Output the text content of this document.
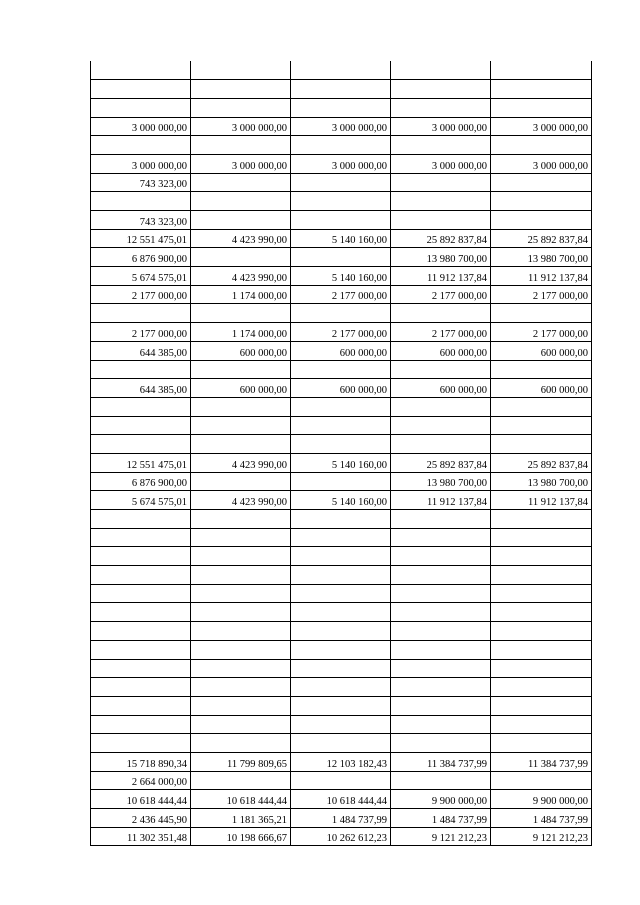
3 000 000,00	3 000 000,00	3 000 000,00	3 000 000,00	3 000 000,00

3 000 000,00	3 000 000,00	3 000 000,00	3 000 000,00	3 000 000,00
743 323,00				

743 323,00				
12 551 475,01	4 423 990,00	5 140 160,00	25 892 837,84	25 892 837,84
6 876 900,00			13 980 700,00	13 980 700,00
5 674 575,01	4 423 990,00	5 140 160,00	11 912 137,84	11 912 137,84
2 177 000,00	1 174 000,00	2 177 000,00	2 177 000,00	2 177 000,00

2 177 000,00	1 174 000,00	2 177 000,00	2 177 000,00	2 177 000,00
644 385,00	600 000,00	600 000,00	600 000,00	600 000,00

644 385,00	600 000,00	600 000,00	600 000,00	600 000,00

12 551 475,01	4 423 990,00	5 140 160,00	25 892 837,84	25 892 837,84
6 876 900,00			13 980 700,00	13 980 700,00
5 674 575,01	4 423 990,00	5 140 160,00	11 912 137,84	11 912 137,84

15 718 890,34	11 799 809,65	12 103 182,43	11 384 737,99	11 384 737,99
2 664 000,00				
10 618 444,44	10 618 444,44	10 618 444,44	9 900 000,00	9 900 000,00
2 436 445,90	1 181 365,21	1 484 737,99	1 484 737,99	1 484 737,99
11 302 351,48	10 198 666,67	10 262 612,23	9 121 212,23	9 121 212,23
